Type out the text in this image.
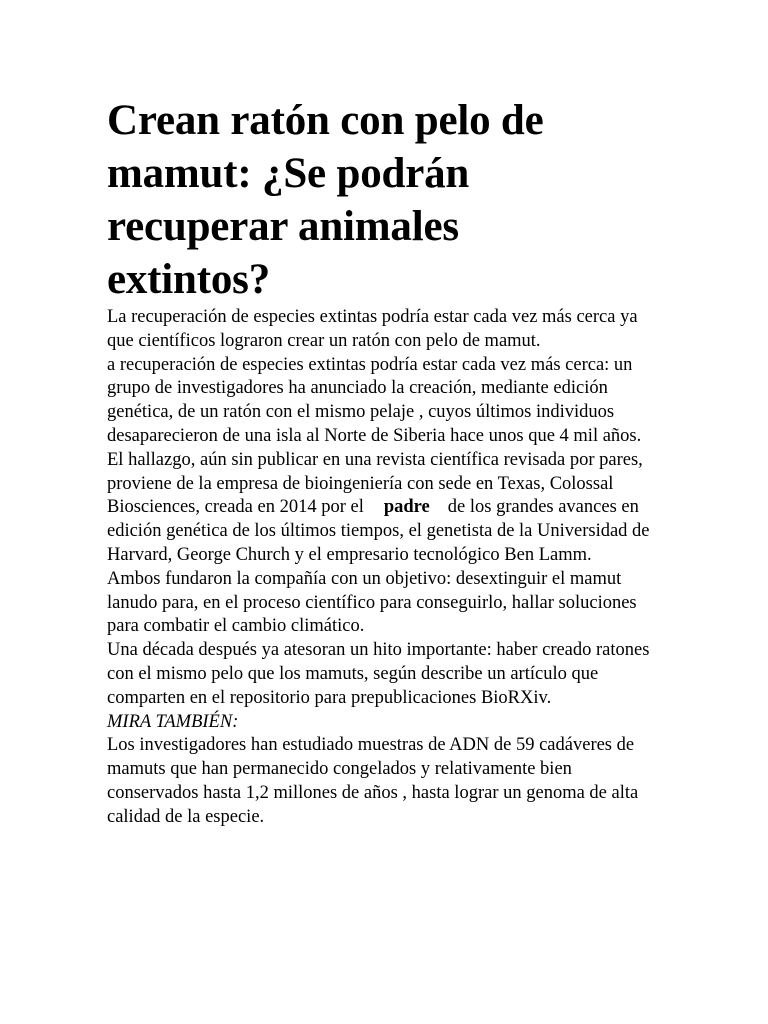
Crean ratón con pelo de mamut: ¿Se podrán recuperar animales extintos?

La recuperación de especies extintas podría estar cada vez más cerca ya que científicos lograron crear un ratón con pelo de mamut.

a recuperación de especies extintas podría estar cada vez más cerca: un grupo de investigadores ha anunciado la creación, mediante edición genética, de un ratón con el mismo pelaje , cuyos últimos individuos desaparecieron de una isla al Norte de Siberia hace unos que 4 mil años.

El hallazgo, aún sin publicar en una revista científica revisada por pares, proviene de la empresa de bioingeniería con sede en Texas, Colossal Biosciences, creada en 2014 por el padre de los grandes avances en edición genética de los últimos tiempos, el genetista de la Universidad de Harvard, George Church y el empresario tecnológico Ben Lamm.

Ambos fundaron la compañía con un objetivo: desextinguir el mamut lanudo para, en el proceso científico para conseguirlo, hallar soluciones para combatir el cambio climático.

Una década después ya atesoran un hito importante: haber creado ratones con el mismo pelo que los mamuts, según describe un artículo que comparten en el repositorio para prepublicaciones BioRXiv.

MIRA TAMBIÉN:

Los investigadores han estudiado muestras de ADN de 59 cadáveres de mamuts que han permanecido congelados y relativamente bien conservados hasta 1,2 millones de años , hasta lograr un genoma de alta calidad de la especie.
